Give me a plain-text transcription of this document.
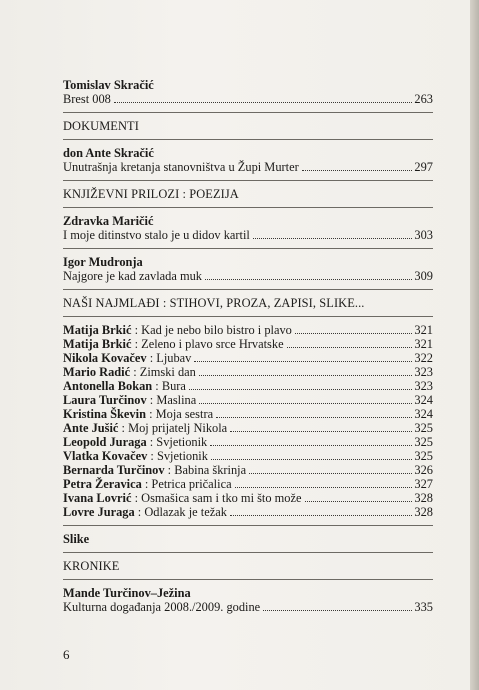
Tomislav Skračić
Brest 008	263
DOKUMENTI
don Ante Skračić
Unutrašnja kretanja stanovništva u Župi Murter	297
KNJIŽEVNI PRILOZI : POEZIJA
Zdravka Maričić
I moje ditinstvo stalo je u didov kartil	303
Igor Mudronja
Najgore je kad zavlada muk	309
NAŠI NAJMLAĐI : STIHOVI, PROZA, ZAPISI, SLIKE...
Matija Brkić : Kad je nebo bilo bistro i plavo	321
Matija Brkić : Zeleno i plavo srce Hrvatske	321
Nikola Kovačev : Ljubav	322
Mario Radić : Zimski dan	323
Antonella Bokan : Bura	323
Laura Turčinov : Maslina	324
Kristina Škevin : Moja sestra	324
Ante Jušić : Moj prijatelj Nikola	325
Leopold Juraga : Svjetionik	325
Vlatka Kovačev : Svjetionik	325
Bernarda Turčinov : Babina škrinja	326
Petra Žeravica : Petrica pričalica	327
Ivana Lovrić : Osmašica sam i tko mi što može	328
Lovre Juraga : Odlazak je težak	328
Slike
KRONIKE
Mande Turčinov–Ježina
Kulturna događanja 2008./2009. godine	335
6
